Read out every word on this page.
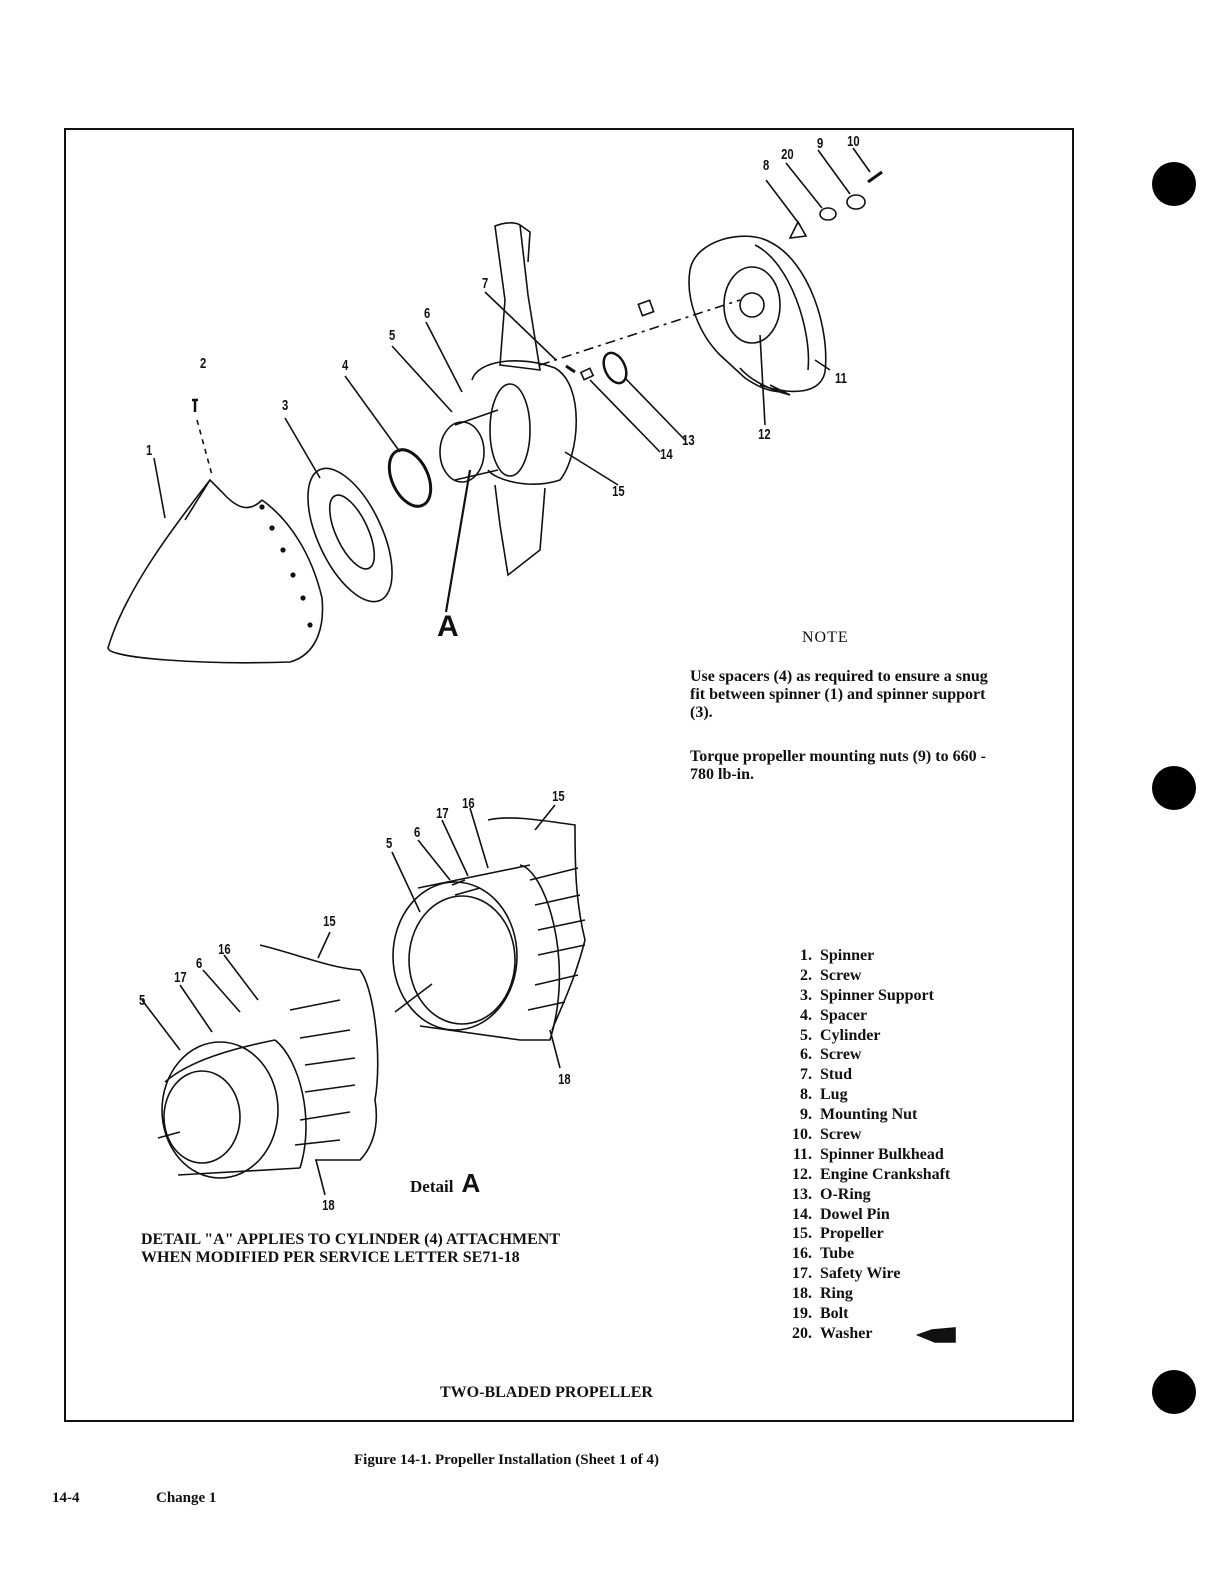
1
2
3
4
5
6
7
8
20
9 10
11
12
13
14
15
A
5
6
17
16	15
18
5
17
6
16
15
18
Detail A
DETAIL "A" APPLIES TO CYLINDER (4) ATTACHMENT
WHEN MODIFIED PER SERVICE LETTER SE71-18
NOTE
Use spacers (4) as required to ensure a snug fit between spinner (1) and spinner support (3).
Torque propeller mounting nuts (9) to 660 - 780 lb-in.
1. Spinner
2. Screw
3. Spinner Support
4. Spacer
5. Cylinder
6. Screw
7. Stud
8. Lug
9. Mounting Nut
10. Screw
11. Spinner Bulkhead
12. Engine Crankshaft
13. O-Ring
14. Dowel Pin
15. Propeller
16. Tube
17. Safety Wire
18. Ring
19. Bolt
20. Washer
TWO-BLADED PROPELLER
Figure 14-1. Propeller Installation (Sheet 1 of 4)
14-4	Change 1
